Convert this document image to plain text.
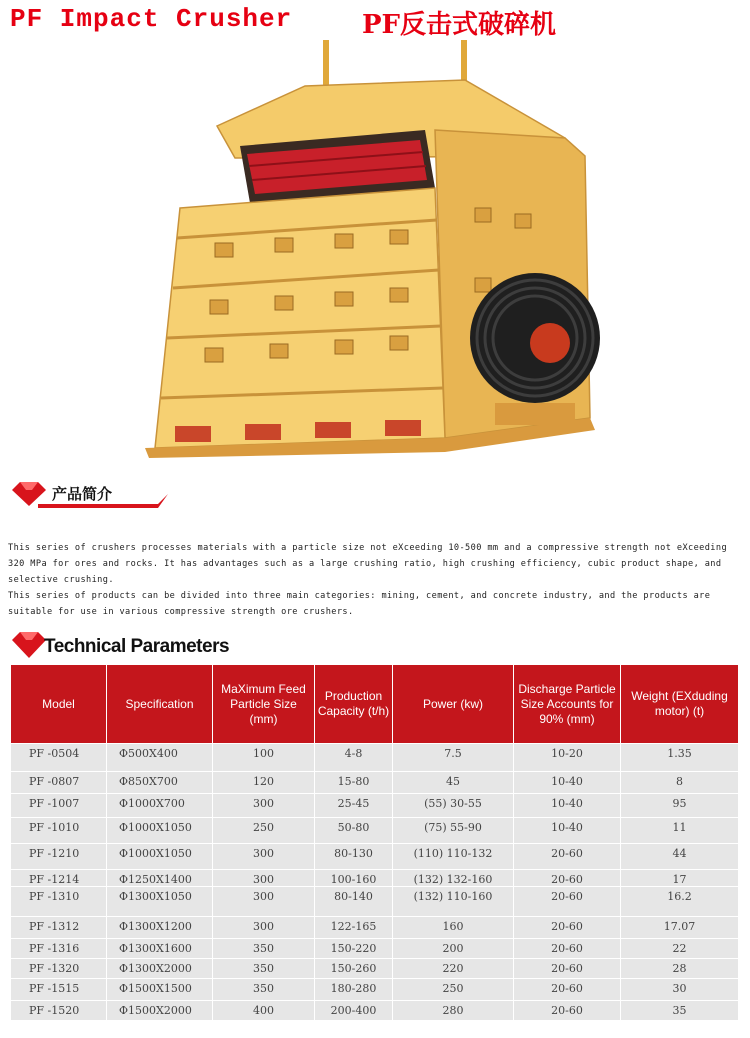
PF Impact Crusher	PF反击式破碎机
产品简介

This series of crushers processes materials with a particle size not eXceeding 10-500 mm and a compressive strength not eXceeding 320 MPa for ores and rocks. It has advantages such as a large crushing ratio, high crushing efficiency, cubic product shape, and selective crushing.

This series of products can be divided into three main categories: mining, cement, and concrete industry, and the products are suitable for use in various compressive strength ore crushers.

Technical Parameters
Model	Specification	MaXimum Feed Particle Size (mm)	Production Capacity (t/h)	Power (kw)	Discharge Particle Size Accounts for 90% (mm)	Weight (EXduding motor) (t)
PF -0504	Φ500X400	100	4-8	7.5	10-20	1.35
PF -0807	Φ850X700	120	15-80	45	10-40	8
PF -1007	Φ1000X700	300	25-45	(55) 30-55	10-40	95
PF -1010	Φ1000X1050	250	50-80	(75) 55-90	10-40	11
PF -1210	Φ1000X1050	300	80-130	(110) 110-132	20-60	44
PF -1214	Φ1250X1400	300	100-160	(132) 132-160	20-60	17
PF -1310	Φ1300X1050	300	80-140	(132) 110-160	20-60	16.2
PF -1312	Φ1300X1200	300	122-165	160	20-60	17.07
PF -1316	Φ1300X1600	350	150-220	200	20-60	22
PF -1320	Φ1300X2000	350	150-260	220	20-60	28
PF -1515	Φ1500X1500	350	180-280	250	20-60	30
PF -1520	Φ1500X2000	400	200-400	280	20-60	35
